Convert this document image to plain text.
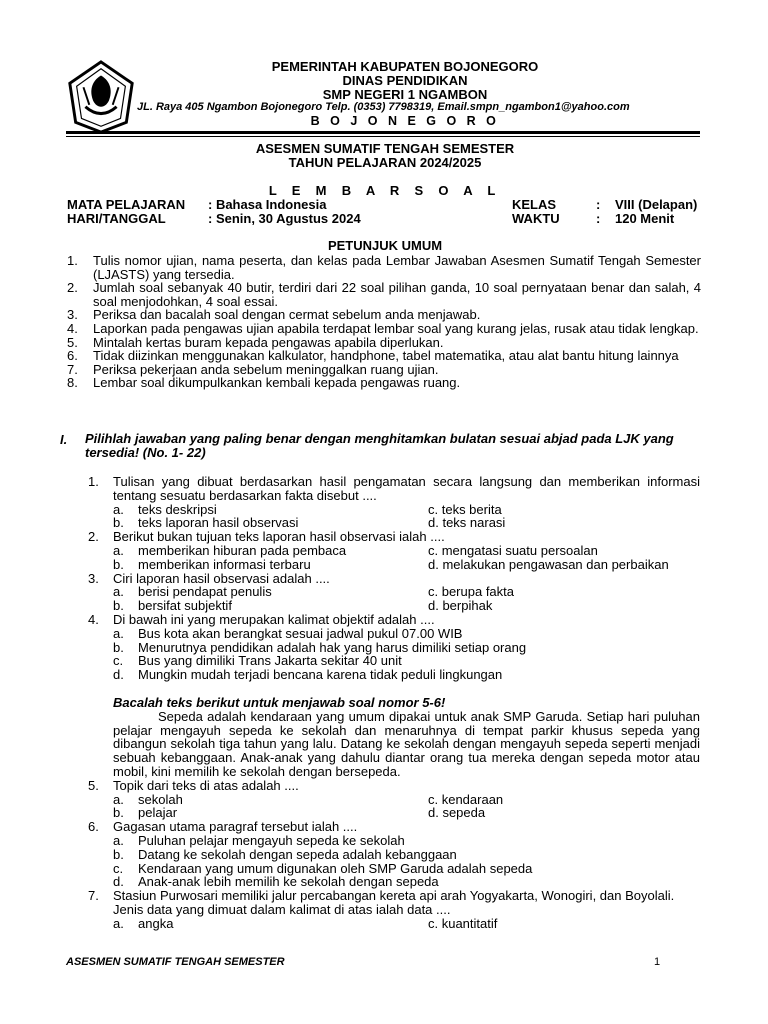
PEMERINTAH KABUPATEN BOJONEGORO
DINAS PENDIDIKAN
SMP NEGERI 1 NGAMBON
JL. Raya 405 Ngambon Bojonegoro Telp. (0353) 7798319, Email.smpn_ngambon1@yahoo.com
B O J O N E G O R O
ASESMEN SUMATIF TENGAH SEMESTER
TAHUN PELAJARAN 2024/2025
L E M B A R S O A L
MATA PELAJARAN : Bahasa Indonesia
HARI/TANGGAL	: Senin, 30 Agustus 2024
KELAS	: VIII (Delapan)
WAKTU	: 120 Menit
PETUNJUK UMUM
1. Tulis nomor ujian, nama peserta, dan kelas pada Lembar Jawaban Asesmen Sumatif Tengah Semester (LJASTS) yang tersedia.
2. Jumlah soal sebanyak 40 butir, terdiri dari 22 soal pilihan ganda, 10 soal pernyataan benar dan salah, 4 soal menjodohkan, 4 soal essai.
3. Periksa dan bacalah soal dengan cermat sebelum anda menjawab.
4. Laporkan pada pengawas ujian apabila terdapat lembar soal yang kurang jelas, rusak atau tidak lengkap.
5. Mintalah kertas buram kepada pengawas apabila diperlukan.
6. Tidak diizinkan menggunakan kalkulator, handphone, tabel matematika, atau alat bantu hitung lainnya
7. Periksa pekerjaan anda sebelum meninggalkan ruang ujian.
8. Lembar soal dikumpulkankan kembali kepada pengawas ruang.
I. Pilihlah jawaban yang paling benar dengan menghitamkan bulatan sesuai abjad pada LJK yang tersedia! (No. 1- 22)
1. Tulisan yang dibuat berdasarkan hasil pengamatan secara langsung dan memberikan informasi tentang sesuatu berdasarkan fakta disebut ....
a. teks deskripsi	c. teks berita
b. teks laporan hasil observasi	d. teks narasi
2. Berikut bukan tujuan teks laporan hasil observasi ialah ....
a. memberikan hiburan pada pembaca	c. mengatasi suatu persoalan
b. memberikan informasi terbaru	d. melakukan pengawasan dan perbaikan
3. Ciri laporan hasil observasi adalah ....
a. berisi pendapat penulis	c. berupa fakta
b. bersifat subjektif	d. berpihak
4. Di bawah ini yang merupakan kalimat objektif adalah ....
a. Bus kota akan berangkat sesuai jadwal pukul 07.00 WIB
b. Menurutnya pendidikan adalah hak yang harus dimiliki setiap orang
c. Bus yang dimiliki Trans Jakarta sekitar 40 unit
d. Mungkin mudah terjadi bencana karena tidak peduli lingkungan
Bacalah teks berikut untuk menjawab soal nomor 5-6!
Sepeda adalah kendaraan yang umum dipakai untuk anak SMP Garuda. Setiap hari puluhan pelajar mengayuh sepeda ke sekolah dan menaruhnya di tempat parkir khusus sepeda yang dibangun sekolah tiga tahun yang lalu. Datang ke sekolah dengan mengayuh sepeda seperti menjadi sebuah kebanggaan. Anak-anak yang dahulu diantar orang tua mereka dengan sepeda motor atau mobil, kini memilih ke sekolah dengan bersepeda.
5. Topik dari teks di atas adalah ....
a. sekolah	c. kendaraan
b. pelajar	d. sepeda
6. Gagasan utama paragraf tersebut ialah ....
a. Puluhan pelajar mengayuh sepeda ke sekolah
b. Datang ke sekolah dengan sepeda adalah kebanggaan
c. Kendaraan yang umum digunakan oleh SMP Garuda adalah sepeda
d. Anak-anak lebih memilih ke sekolah dengan sepeda
7. Stasiun Purwosari memiliki jalur percabangan kereta api arah Yogyakarta, Wonogiri, dan Boyolali.
Jenis data yang dimuat dalam kalimat di atas ialah data ....
a. angka	c. kuantitatif
ASESMEN SUMATIF TENGAH SEMESTER	1
